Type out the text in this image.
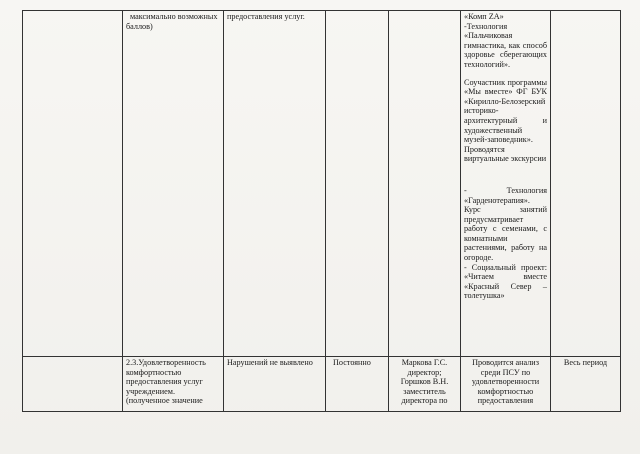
	максимально возможных баллов)	предоставления услуг.			«Комп ZA»
-Технология «Пальчиковая гимнастика, как способ здоровье сберегающих технологий».
Соучастник программы «Мы вместе» ФГ БУК «Кирилло-Белозерский историко-архитектурный и художественный музей-заповедник». Проводятся виртуальные экскурсии
- Технология «Гарденотерапия». Курс занятий предусматривает работу с семенами, с комнатными растениями, работу на огороде.
- Социальный проект: «Читаем вместе «Красный Север – толетушка»	

	2.3.Удовлетворенность комфортностью предоставления услуг учреждением. (полученное значение	Нарушений не выявлено	Постоянно	Маркова Г.С. директор; Горшков В.Н. заместитель директора по	Проводится анализ среди ПСУ по удовлетворенности комфортностью предоставления	Весь период
